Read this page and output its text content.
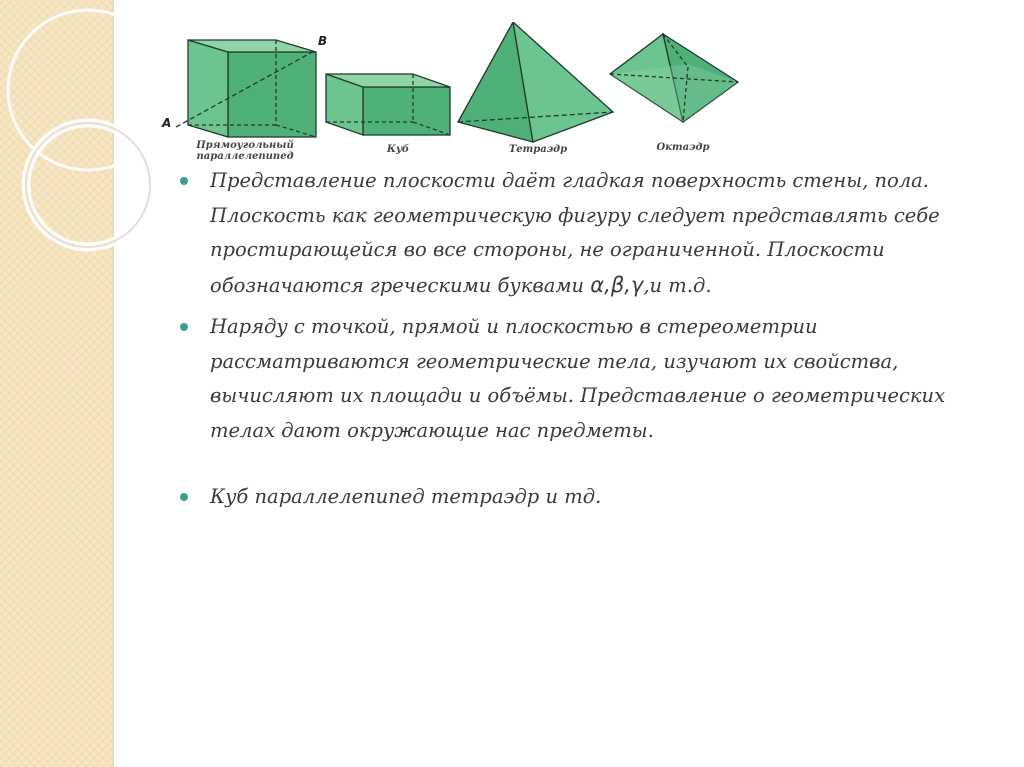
A
B
Прямоугольный параллелепипед
Куб	Тетраэдр	Октаэдр
Представление плоскости даёт гладкая поверхность стены, пола. Плоскость как геометрическую фигуру следует представлять себе простирающейся во все стороны, не ограниченной. Плоскости обозначаются греческими буквами α,β,γ,и т.д.
Наряду с точкой, прямой и плоскостью в стереометрии рассматриваются геометрические тела, изучают их свойства, вычисляют их площади и объёмы. Представление о геометрических телах дают окружающие нас предметы.
Куб параллелепипед тетраэдр и тд.
